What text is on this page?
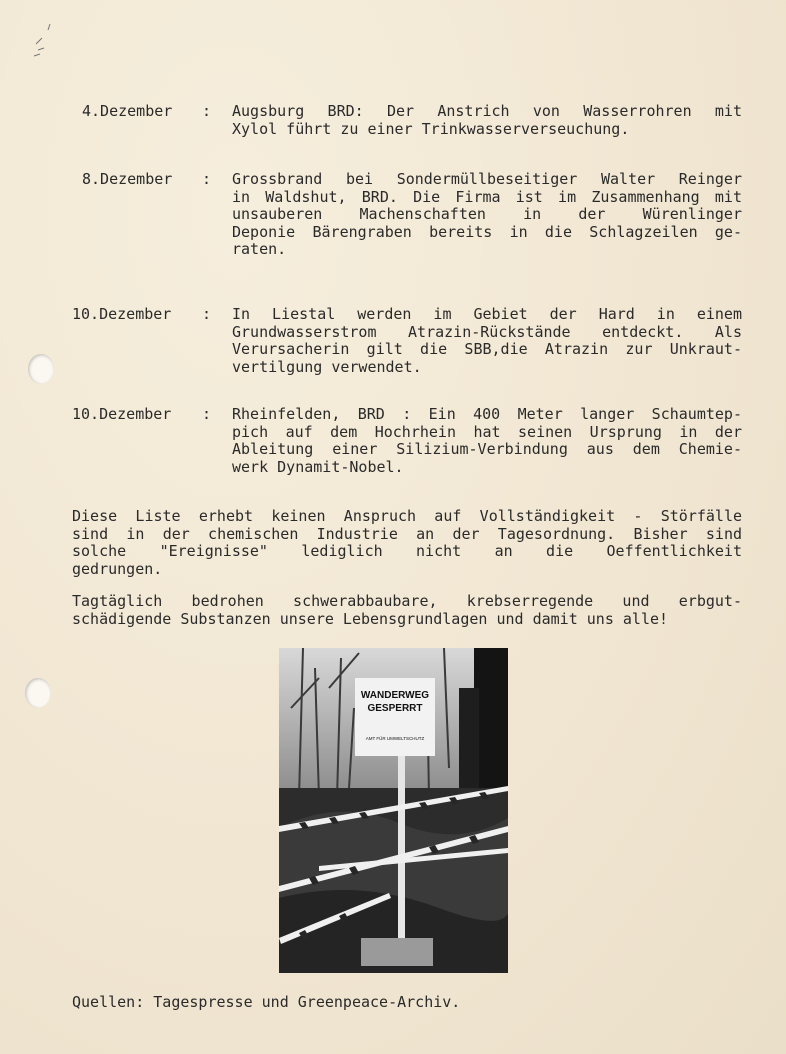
4.Dezember	: Augsburg BRD: Der Anstrich von Wasserrohren mit
Xylol führt zu einer Trinkwasserverseuchung.
8.Dezember	: Grossbrand bei Sondermüllbeseitiger Walter Reinger
in Waldshut, BRD. Die Firma ist im Zusammenhang mit
unsauberen Machenschaften in der Würenlinger
Deponie Bärengraben bereits in die Schlagzeilen ge-
raten.
10.Dezember	: In Liestal werden im Gebiet der Hard in einem
Grundwasserstrom Atrazin-Rückstände entdeckt. Als
Verursacherin gilt die SBB,die Atrazin zur Unkraut-
vertilgung verwendet.
10.Dezember	: Rheinfelden, BRD : Ein 400 Meter langer Schaumtep-
pich auf dem Hochrhein hat seinen Ursprung in der
Ableitung einer Silizium-Verbindung aus dem Chemie-
werk Dynamit-Nobel.
Diese Liste erhebt keinen Anspruch auf Vollständigkeit - Störfälle
sind in der chemischen Industrie an der Tagesordnung. Bisher sind
solche "Ereignisse" lediglich nicht an die Oeffentlichkeit
gedrungen.
Tagtäglich bedrohen schwerabbaubare, krebserregende und erbgut-
schädigende Substanzen unsere Lebensgrundlagen und damit uns alle!
WANDERWEG
GESPERRT
AMT FÜR UMWELTSCHUTZ
Quellen: Tagespresse und Greenpeace-Archiv.
